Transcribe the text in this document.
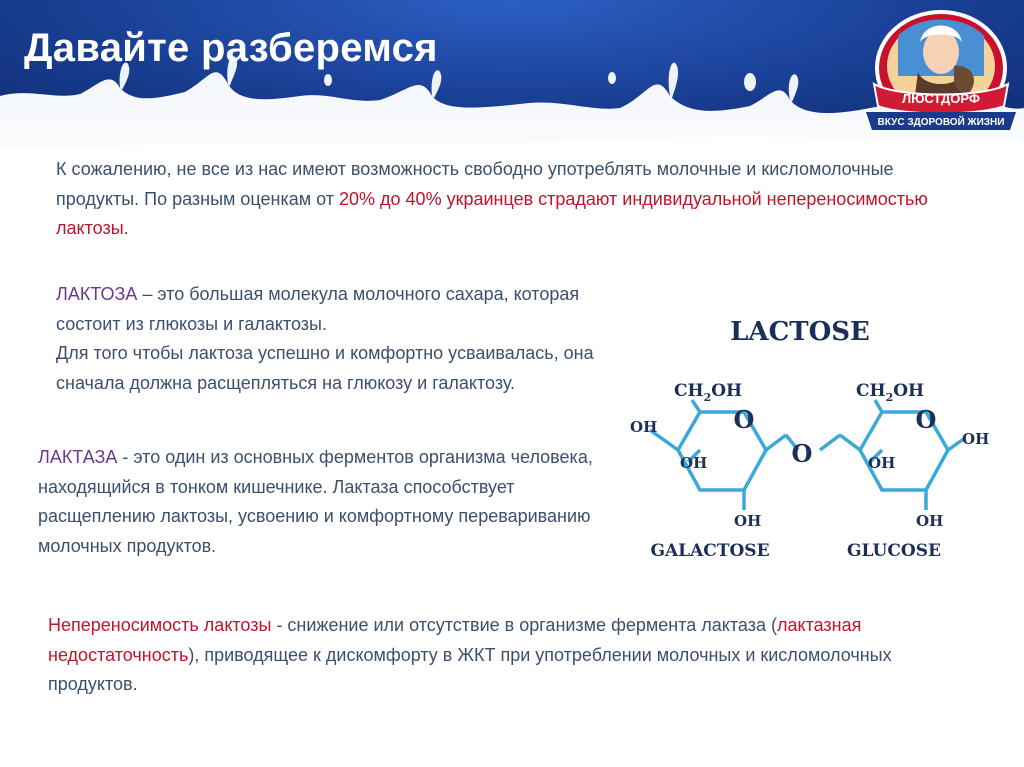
Давайте разберемся
ЛЮСТДОРФ
ВКУС ЗДОРОВОЙ ЖИЗНИ

К сожалению, не все из нас имеют возможность свободно употреблять молочные и кисломолочные продукты. По разным оценкам от 20% до 40% украинцев страдают индивидуальной непереносимостью лактозы.

ЛАКТОЗА – это большая молекула молочного сахара, которая состоит из глюкозы и галактозы.

Для того чтобы лактоза успешно и комфортно усваивалась, она сначала должна расщепляться на глюкозу и галактозу.

ЛАКТАЗА - это один из основных ферментов организма человека, находящийся в тонком кишечнике. Лактаза способствует расщеплению лактозы, усвоению и комфортному перевариванию молочных продуктов.

Непереносимость лактозы - снижение или отсутствие в организме фермента лактаза (лактазная недостаточность), приводящее к дискомфорту в ЖКТ при употреблении молочных и кисломолочных продуктов.

LACTOSE
$CH_2OH$
O
OH
OH
OH
GALACTOSE
O
$CH_2OH$
O
OH
OH
OH
GLUCOSE
